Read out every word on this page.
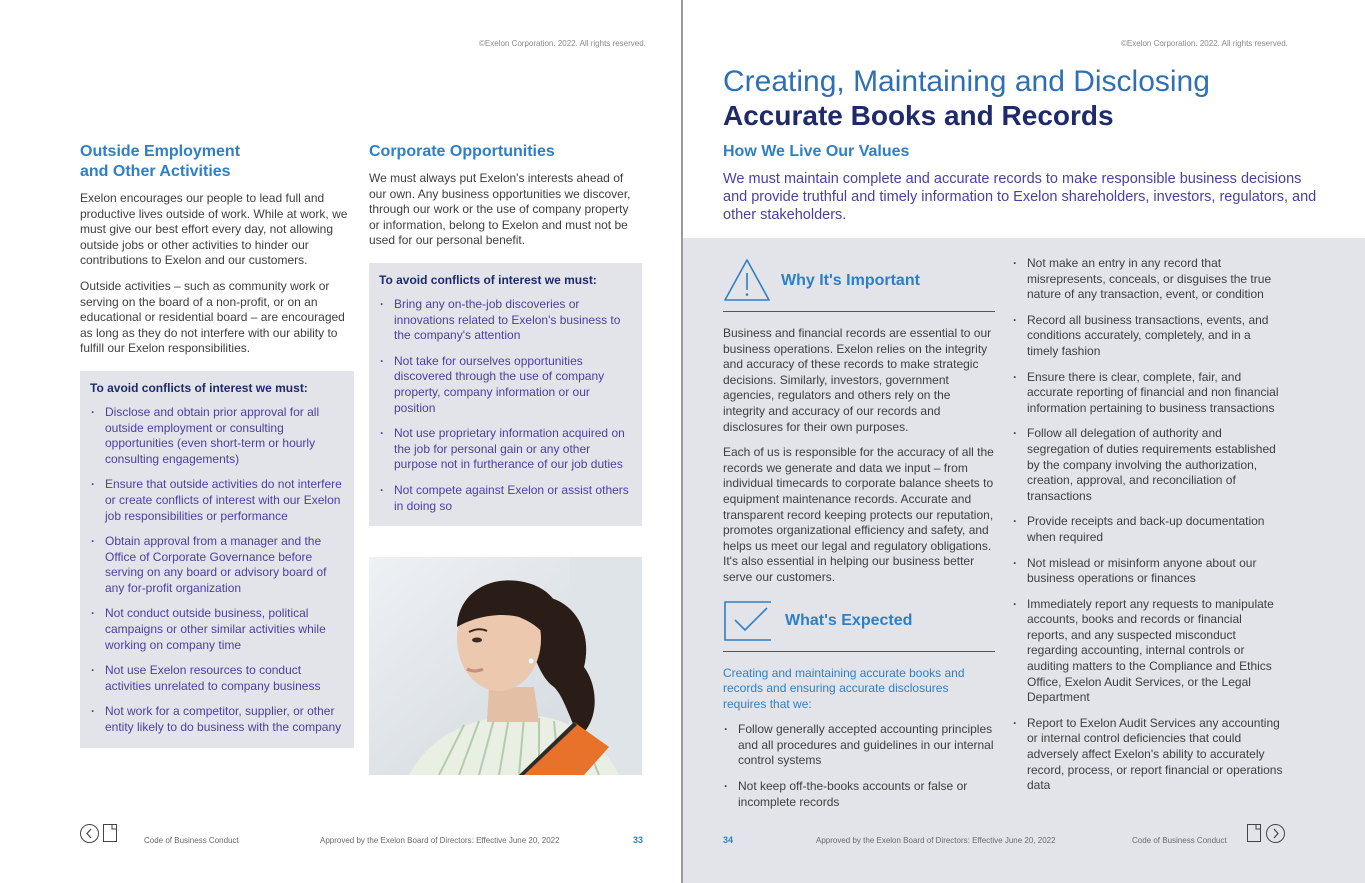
©Exelon Corporation. 2022. All rights reserved.
Outside Employment
and Other Activities

Exelon encourages our people to lead full and productive lives outside of work. While at work, we must give our best effort every day, not allowing outside jobs or other activities to hinder our contributions to Exelon and our customers.

Outside activities – such as community work or serving on the board of a non-profit, or on an educational or residential board – are encouraged as long as they do not interfere with our ability to fulfill our Exelon responsibilities.

To avoid conflicts of interest we must:
· Disclose and obtain prior approval for all outside employment or consulting opportunities (even short-term or hourly consulting engagements)
· Ensure that outside activities do not interfere or create conflicts of interest with our Exelon job responsibilities or performance
· Obtain approval from a manager and the Office of Corporate Governance before serving on any board or advisory board of any for-profit organization
· Not conduct outside business, political campaigns or other similar activities while working on company time
· Not use Exelon resources to conduct activities unrelated to company business
· Not work for a competitor, supplier, or other entity likely to do business with the company
Corporate Opportunities

We must always put Exelon's interests ahead of our own. Any business opportunities we discover, through our work or the use of company property or information, belong to Exelon and must not be used for our personal benefit.

To avoid conflicts of interest we must:
· Bring any on-the-job discoveries or innovations related to Exelon's business to the company's attention
· Not take for ourselves opportunities discovered through the use of company property, company information or our position
· Not use proprietary information acquired on the job for personal gain or any other purpose not in furtherance of our job duties
· Not compete against Exelon or assist others in doing so
Code of Business Conduct	Approved by the Exelon Board of Directors: Effective June 20, 2022	33
©Exelon Corporation. 2022. All rights reserved.
Creating, Maintaining and Disclosing
Accurate Books and Records
How We Live Our Values

We must maintain complete and accurate records to make responsible business decisions and provide truthful and timely information to Exelon shareholders, investors, regulators, and other stakeholders.

Why It's Important

Business and financial records are essential to our business operations. Exelon relies on the integrity and accuracy of these records to make strategic decisions. Similarly, investors, government agencies, regulators and others rely on the integrity and accuracy of our records and disclosures for their own purposes.

Each of us is responsible for the accuracy of all the records we generate and data we input – from individual timecards to corporate balance sheets to equipment maintenance records. Accurate and transparent record keeping protects our reputation, promotes organizational efficiency and safety, and helps us meet our legal and regulatory obligations. It's also essential in helping our business better serve our customers.

What's Expected

Creating and maintaining accurate books and records and ensuring accurate disclosures requires that we:

· Follow generally accepted accounting principles and all procedures and guidelines in our internal control systems
· Not keep off-the-books accounts or false or incomplete records
· Not make an entry in any record that misrepresents, conceals, or disguises the true nature of any transaction, event, or condition
· Record all business transactions, events, and conditions accurately, completely, and in a timely fashion
· Ensure there is clear, complete, fair, and accurate reporting of financial and non financial information pertaining to business transactions
· Follow all delegation of authority and segregation of duties requirements established by the company involving the authorization, creation, approval, and reconciliation of transactions
· Provide receipts and back-up documentation when required
· Not mislead or misinform anyone about our business operations or finances
· Immediately report any requests to manipulate accounts, books and records or financial reports, and any suspected misconduct regarding accounting, internal controls or auditing matters to the Compliance and Ethics Office, Exelon Audit Services, or the Legal Department
· Report to Exelon Audit Services any accounting or internal control deficiencies that could adversely affect Exelon's ability to accurately record, process, or report financial or operations data
34	Approved by the Exelon Board of Directors: Effective June 20, 2022	Code of Business Conduct
